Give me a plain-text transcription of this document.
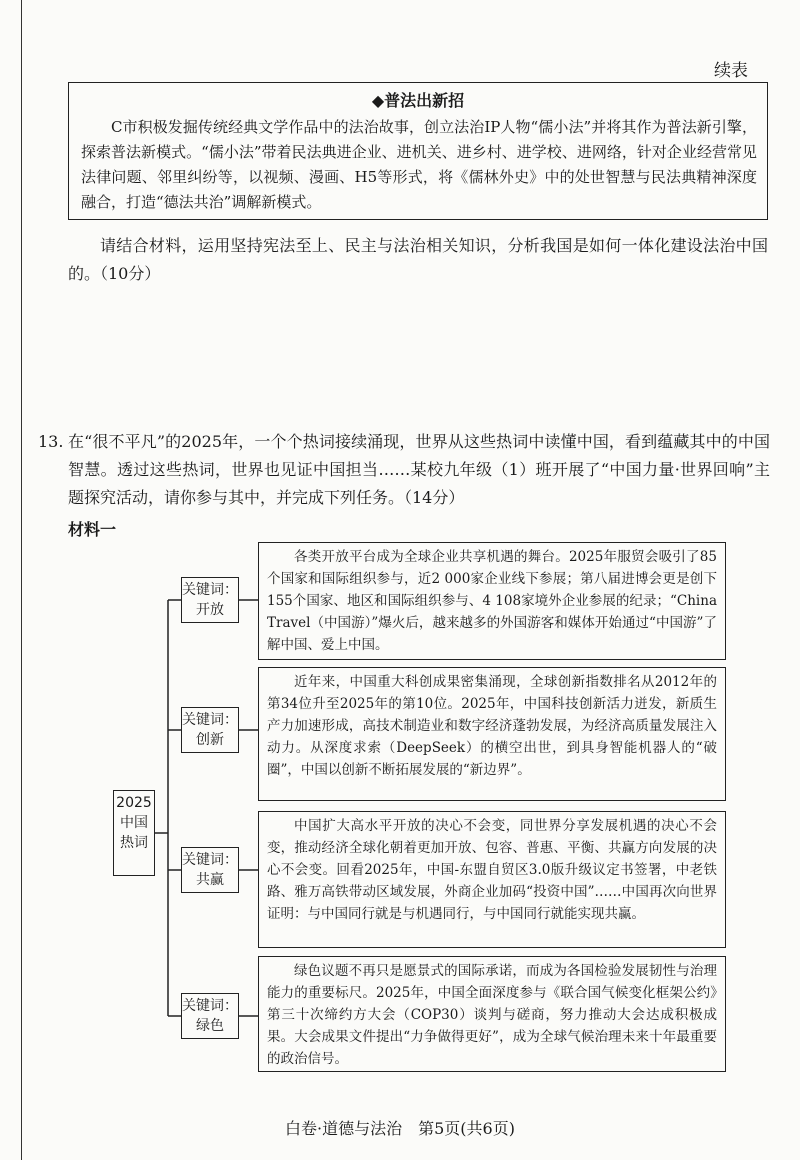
续表
◆普法出新招
C市积极发掘传统经典文学作品中的法治故事，创立法治IP人物“儒小法”并将其作为普法新引擎，探索普法新模式。“儒小法”带着民法典进企业、进机关、进乡村、进学校、进网络，针对企业经营常见法律问题、邻里纠纷等，以视频、漫画、H5等形式，将《儒林外史》中的处世智慧与民法典精神深度融合，打造“德法共治”调解新模式。
请结合材料，运用坚持宪法至上、民主与法治相关知识，分析我国是如何一体化建设法治中国的。（10分）
13. 在“很不平凡”的2025年，一个个热词接续涌现，世界从这些热词中读懂中国，看到蕴藏其中的中国智慧。透过这些热词，世界也见证中国担当……某校九年级（1）班开展了“中国力量·世界回响”主题探究活动，请你参与其中，并完成下列任务。（14分）
材料一
2025
中国
热词
关键词：
开放
关键词：
创新
关键词：
共赢
关键词：
绿色
各类开放平台成为全球企业共享机遇的舞台。2025年服贸会吸引了85个国家和国际组织参与，近2 000家企业线下参展；第八届进博会更是创下155个国家、地区和国际组织参与、4 108家境外企业参展的纪录；“China Travel（中国游）”爆火后，越来越多的外国游客和媒体开始通过“中国游”了解中国、爱上中国。
近年来，中国重大科创成果密集涌现，全球创新指数排名从2012年的第34位升至2025年的第10位。2025年，中国科技创新活力迸发，新质生产力加速形成，高技术制造业和数字经济蓬勃发展，为经济高质量发展注入动力。从深度求索（DeepSeek）的横空出世，到具身智能机器人的“破圈”，中国以创新不断拓展发展的“新边界”。
中国扩大高水平开放的决心不会变，同世界分享发展机遇的决心不会变，推动经济全球化朝着更加开放、包容、普惠、平衡、共赢方向发展的决心不会变。回看2025年，中国-东盟自贸区3.0版升级议定书签署，中老铁路、雅万高铁带动区域发展，外商企业加码“投资中国”……中国再次向世界证明：与中国同行就是与机遇同行，与中国同行就能实现共赢。
绿色议题不再只是愿景式的国际承诺，而成为各国检验发展韧性与治理能力的重要标尺。2025年，中国全面深度参与《联合国气候变化框架公约》第三十次缔约方大会（COP30）谈判与磋商，努力推动大会达成积极成果。大会成果文件提出“力争做得更好”，成为全球气候治理未来十年最重要的政治信号。
白卷·道德与法治　第5页(共6页)
